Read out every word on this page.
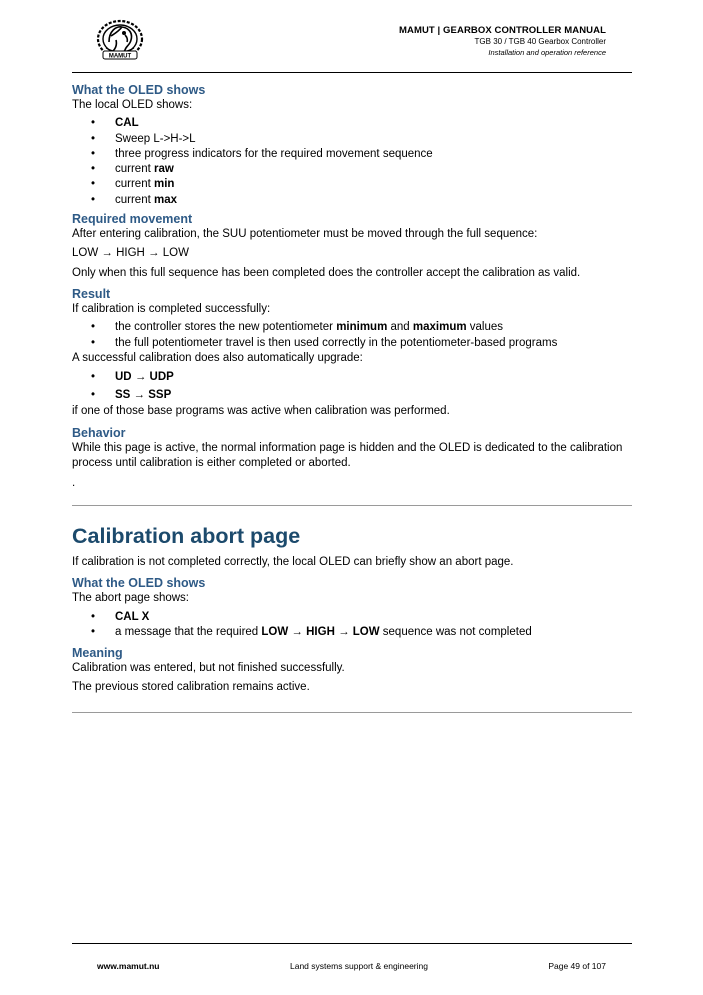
MAMUT
MAMUT | GEARBOX CONTROLLER MANUAL
TGB 30 / TGB 40 Gearbox Controller
Installation and operation reference
What the OLED shows

The local OLED shows:

• CAL
• Sweep L->H->L
• three progress indicators for the required movement sequence
• current raw
• current min
• current max
Required movement

After entering calibration, the SUU potentiometer must be moved through the full sequence:

LOW → HIGH → LOW

Only when this full sequence has been completed does the controller accept the calibration as valid.

Result

If calibration is completed successfully:

• the controller stores the new potentiometer minimum and maximum values
• the full potentiometer travel is then used correctly in the potentiometer-based programs

A successful calibration does also automatically upgrade:

• UD → UDP
• SS → SSP

if one of those base programs was active when calibration was performed.

Behavior

While this page is active, the normal information page is hidden and the OLED is dedicated to the calibration process until calibration is either completed or aborted.

.

Calibration abort page

If calibration is not completed correctly, the local OLED can briefly show an abort page.

What the OLED shows

The abort page shows:

• CAL X
• a message that the required LOW → HIGH → LOW sequence was not completed
Meaning

Calibration was entered, but not finished successfully.

The previous stored calibration remains active.

www.mamut.nu	Land systems support & engineering	Page 49 of 107
